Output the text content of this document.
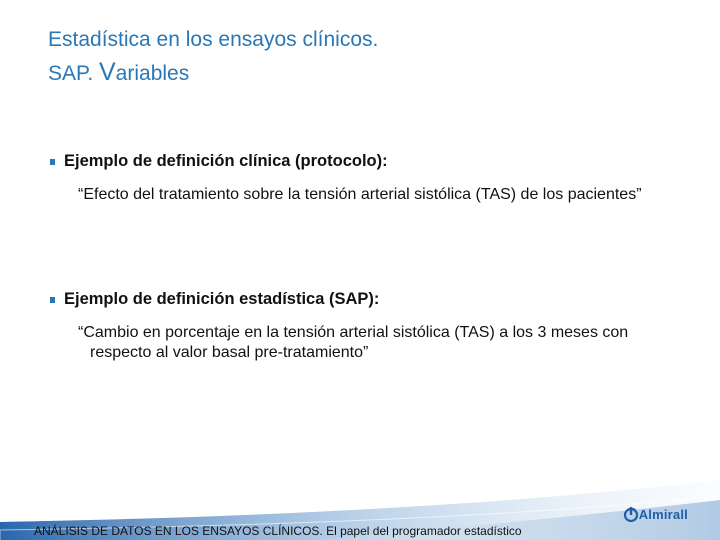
Estadística en los ensayos clínicos.
SAP. Variables
Ejemplo de definición clínica (protocolo):
“Efecto del tratamiento sobre la tensión arterial sistólica (TAS) de los pacientes”
Ejemplo de definición estadística (SAP):
“Cambio en porcentaje en la tensión arterial sistólica (TAS) a los 3 meses con respecto al valor basal pre-tratamiento”
ANÁLISIS DE DATOS EN LOS ENSAYOS CLÍNICOS. El papel del programador estadístico
Almirall
